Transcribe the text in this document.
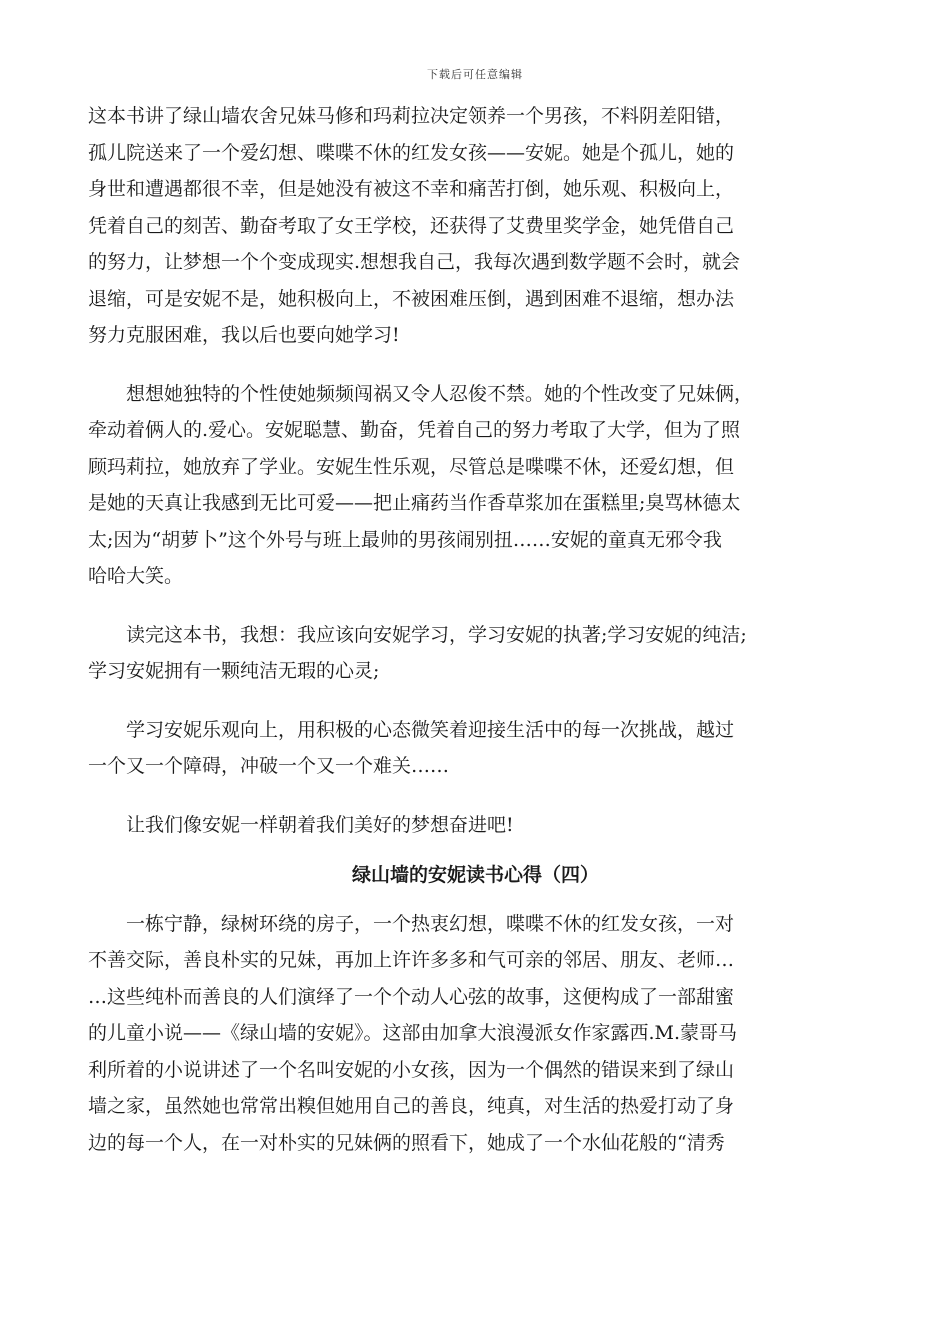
下载后可任意编辑
这本书讲了绿山墙农舍兄妹马修和玛莉拉决定领养一个男孩，不料阴差阳错，
孤儿院送来了一个爱幻想、喋喋不休的红发女孩——安妮。她是个孤儿，她的
身世和遭遇都很不幸，但是她没有被这不幸和痛苦打倒，她乐观、积极向上，
凭着自己的刻苦、勤奋考取了女王学校，还获得了艾费里奖学金，她凭借自己
的努力，让梦想一个个变成现实.想想我自己，我每次遇到数学题不会时，就会
退缩，可是安妮不是，她积极向上，不被困难压倒，遇到困难不退缩，想办法
努力克服困难，我以后也要向她学习!
想想她独特的个性使她频频闯祸又令人忍俊不禁。她的个性改变了兄妹俩，
牵动着俩人的.爱心。安妮聪慧、勤奋，凭着自己的努力考取了大学，但为了照
顾玛莉拉，她放弃了学业。安妮生性乐观，尽管总是喋喋不休，还爱幻想，但
是她的天真让我感到无比可爱——把止痛药当作香草浆加在蛋糕里;臭骂林德太
太;因为“胡萝卜”这个外号与班上最帅的男孩闹别扭……安妮的童真无邪令我
哈哈大笑。
读完这本书，我想：我应该向安妮学习，学习安妮的执著;学习安妮的纯洁;
学习安妮拥有一颗纯洁无瑕的心灵;
学习安妮乐观向上，用积极的心态微笑着迎接生活中的每一次挑战，越过
一个又一个障碍，冲破一个又一个难关……
让我们像安妮一样朝着我们美好的梦想奋进吧!
绿山墙的安妮读书心得（四）
一栋宁静，绿树环绕的房子，一个热衷幻想，喋喋不休的红发女孩，一对
不善交际，善良朴实的兄妹，再加上许许多多和气可亲的邻居、朋友、老师…
…这些纯朴而善良的人们演绎了一个个动人心弦的故事，这便构成了一部甜蜜
的儿童小说——《绿山墙的安妮》。这部由加拿大浪漫派女作家露西.M.蒙哥马
利所着的小说讲述了一个名叫安妮的小女孩，因为一个偶然的错误来到了绿山
墙之家，虽然她也常常出糗但她用自己的善良，纯真，对生活的热爱打动了身
边的每一个人，在一对朴实的兄妹俩的照看下，她成了一个水仙花般的“清秀
